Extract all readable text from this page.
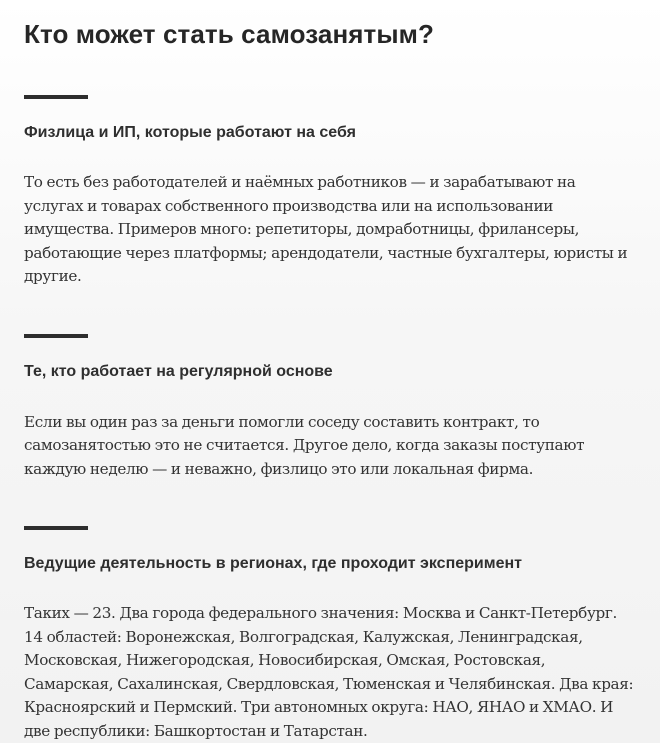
Кто может стать самозанятым?
Физлица и ИП, которые работают на себя

То есть без работодателей и наёмных работников — и зарабатывают на услугах и товарах собственного производства или на использовании имущества. Примеров много: репетиторы, домработницы, фрилансеры, работающие через платформы; арендодатели, частные бухгалтеры, юристы и другие.

Те, кто работает на регулярной основе

Если вы один раз за деньги помогли соседу составить контракт, то самозанятостью это не считается. Другое дело, когда заказы поступают каждую неделю — и неважно, физлицо это или локальная фирма.

Ведущие деятельность в регионах, где проходит эксперимент

Таких — 23. Два города федерального значения: Москва и Санкт-Петербург. 14 областей: Воронежская, Волгоградская, Калужская, Ленинградская, Московская, Нижегородская, Новосибирская, Омская, Ростовская, Самарская, Сахалинская, Свердловская, Тюменская и Челябинская. Два края: Красноярский и Пермский. Три автономных округа: НАО, ЯНАО и ХМАО. И две республики: Башкортостан и Татарстан.
